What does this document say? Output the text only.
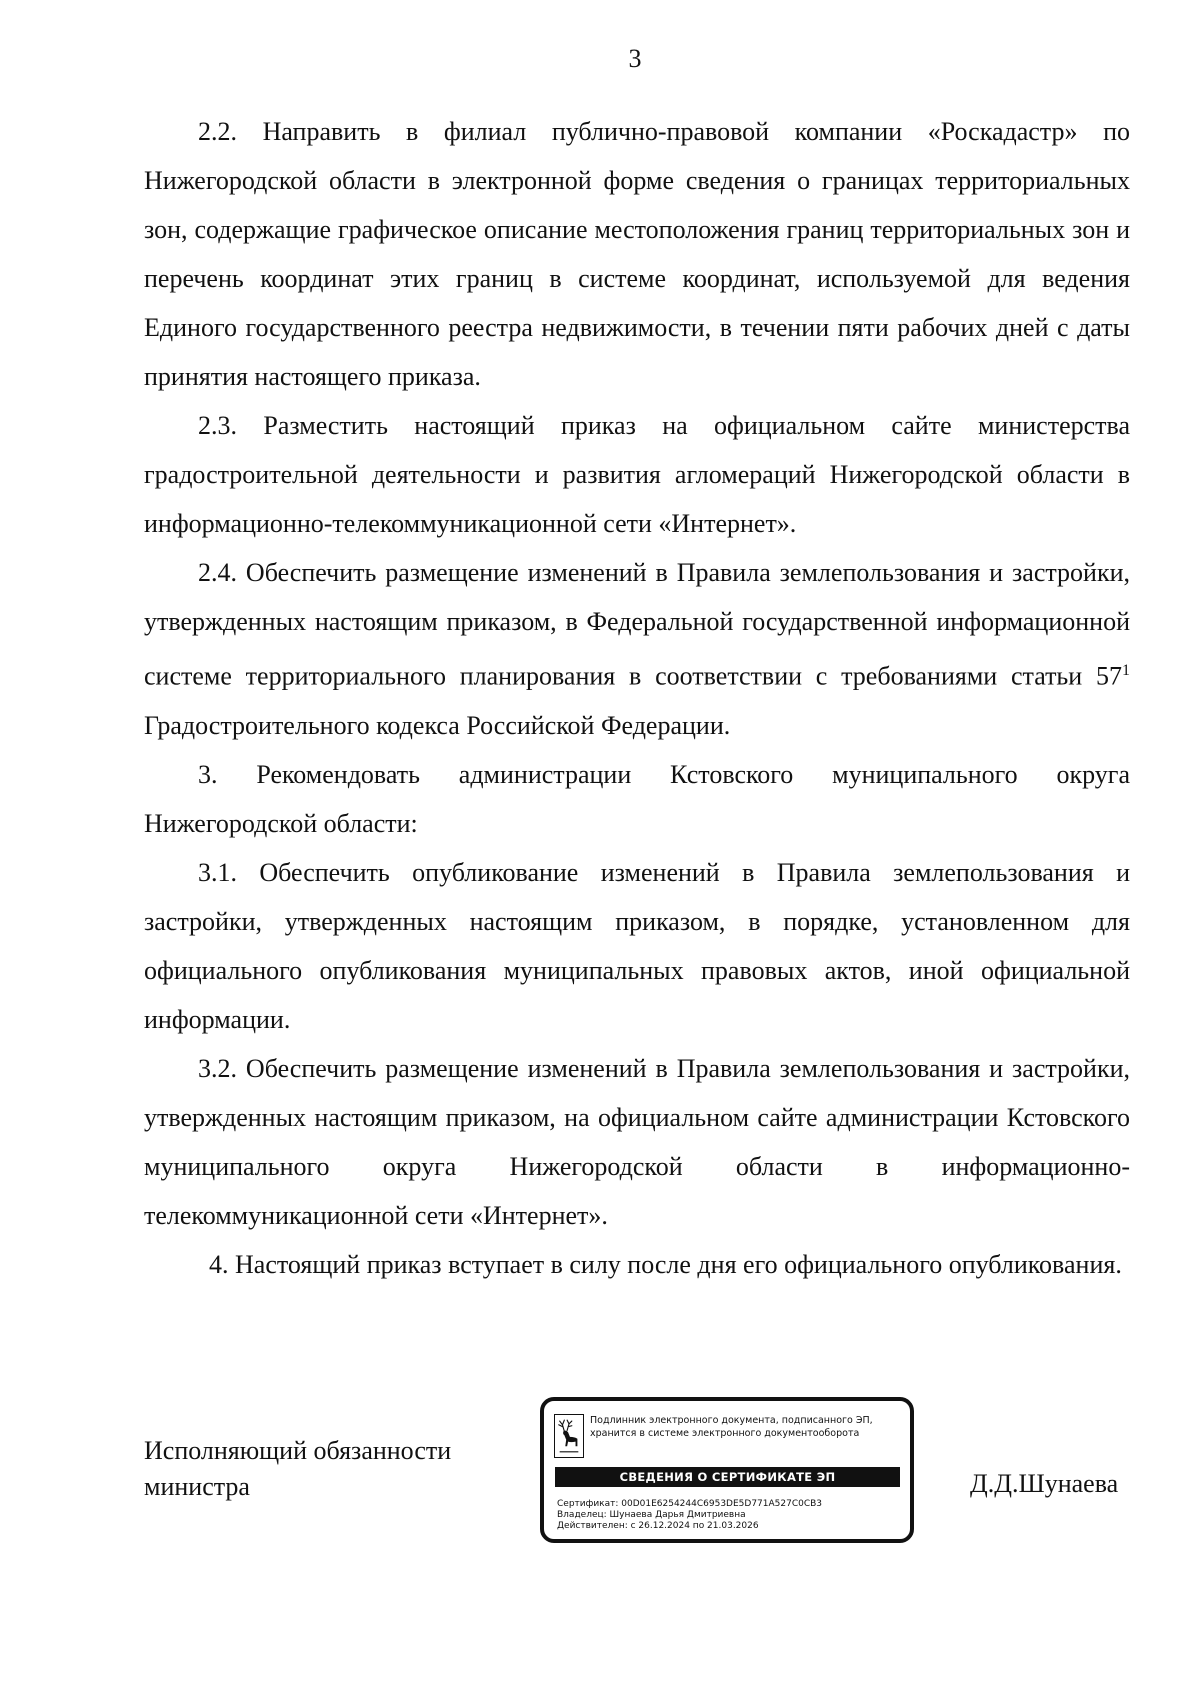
3

2.2. Направить в филиал публично-правовой компании «Роскадастр» по Нижегородской области в электронной форме сведения о границах территориальных зон, содержащие графическое описание местоположения границ территориальных зон и перечень координат этих границ в системе координат, используемой для ведения Единого государственного реестра недвижимости, в течении пяти рабочих дней с даты принятия настоящего приказа.

2.3. Разместить настоящий приказ на официальном сайте министерства градостроительной деятельности и развития агломераций Нижегородской области в информационно-телекоммуникационной сети «Интернет».

2.4. Обеспечить размещение изменений в Правила землепользования и застройки, утвержденных настоящим приказом, в Федеральной государственной информационной системе территориального планирования в соответствии с требованиями статьи $57^1$ Градостроительного кодекса Российской Федерации.

3. Рекомендовать администрации Кстовского муниципального округа Нижегородской области:

3.1. Обеспечить опубликование изменений в Правила землепользования и застройки, утвержденных настоящим приказом, в порядке, установленном для официального опубликования муниципальных правовых актов, иной официальной информации.

3.2. Обеспечить размещение изменений в Правила землепользования и застройки, утвержденных настоящим приказом, на официальном сайте администрации Кстовского муниципального округа Нижегородской области в информационно-телекоммуникационной сети «Интернет».

4. Настоящий приказ вступает в силу после дня его официального опубликования.

Исполняющий обязанности
министра
Подлинник электронного документа, подписанного ЭП,
хранится в системе электронного документооборота
СВЕДЕНИЯ О СЕРТИФИКАТЕ ЭП
Сертификат: 00D01E6254244C6953DE5D771A527C0CB3
Владелец: Шунаева Дарья Дмитриевна
Действителен: с 26.12.2024 по 21.03.2026
Д.Д.Шунаева
